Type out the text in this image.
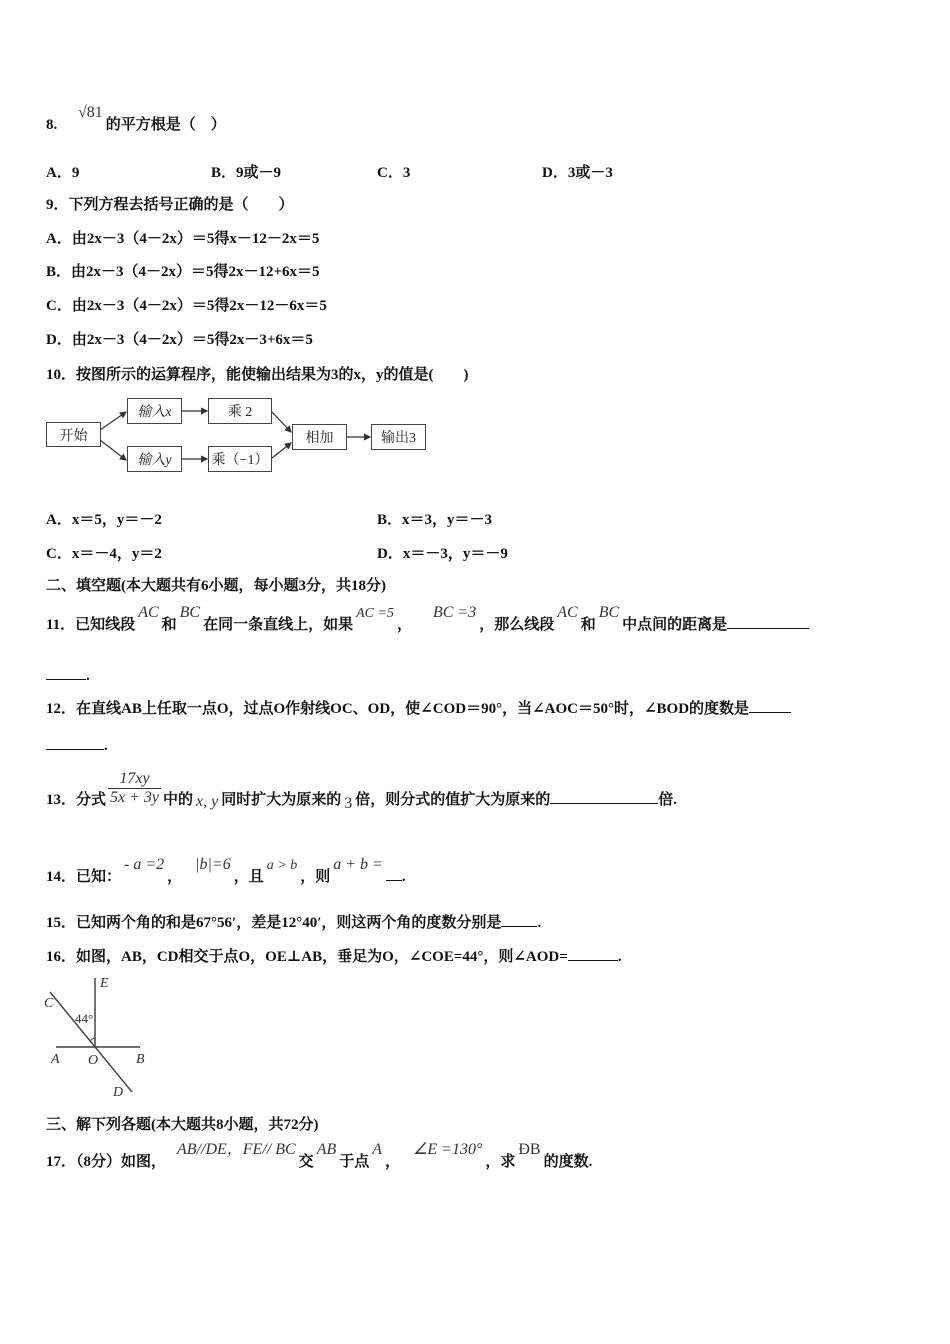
8. √81的平方根是（　）
A．9	B．9或－9	C．3	D．3或－3
9．下列方程去括号正确的是（　　）
A．由2x－3（4－2x）＝5得x－12－2x＝5
B．由2x－3（4－2x）＝5得2x－12+6x＝5
C．由2x－3（4－2x）＝5得2x－12－6x＝5
D．由2x－3（4－2x）＝5得2x－3+6x＝5
10．按图所示的运算程序，能使输出结果为3的x，y的值是(　　)
开始
输入x	乘 2
输入y	乘（−1）
相加	输出3
A．x＝5，y＝－2	B．x＝3，y＝－3
C．x＝－4，y＝2	D．x＝－3，y＝－9
二、填空题(本大题共有6小题，每小题3分，共18分)
11．已知线段AC和BC在同一条直线上，如果AC =5，BC =3，那么线段AC和BC中点间的距离是
.
12．在直线AB上任取一点O，过点O作射线OC、OD，使∠COD＝90°，当∠AOC＝50°时，∠BOD的度数是
.
13．分式 $\frac{17xy}{5x + 3y}$ 中的 x, y 同时扩大为原来的 3 倍，则分式的值扩大为原来的	倍.
14．已知：- a =2，|b|=6，且a > b，则a + b =.
15．已知两个角的和是67°56′，差是12°40′，则这两个角的度数分别是 .
16．如图，AB，CD相交于点O，OE⊥AB，垂足为O，∠COE=44°，则∠AOD=	.
C
E
44°
A O	B
D
三、解下列各题(本大题共8小题，共72分)
17．（8分）如图，AB//DE，FE// BC交AB于点A，∠E =130°，求ÐB的度数.
